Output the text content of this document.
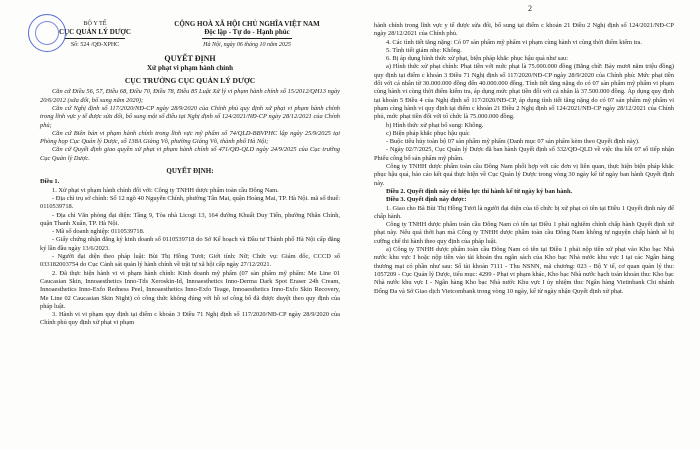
2
BỘ Y TẾ
CỤC QUẢN LÝ DƯỢC
Số: 524 /QĐ-XPHC
CỘNG HOÀ XÃ HỘI CHỦ NGHĨA VIỆT NAM
Độc lập - Tự do - Hạnh phúc
Hà Nội, ngày 06 tháng 10 năm 2025
QUYẾT ĐỊNH
Xử phạt vi phạm hành chính
CỤC TRƯỞNG CỤC QUẢN LÝ DƯỢC

Căn cứ Điều 56, 57, Điều 68, Điều 70, Điều 78, Điều 85 Luật Xử lý vi phạm hành chính số 15/2012/QH13 ngày 20/6/2012 (sửa đổi, bổ sung năm 2020);

Căn cứ Nghị định số 117/2020/NĐ-CP ngày 28/9/2020 của Chính phủ quy định xử phạt vi phạm hành chính trong lĩnh vực y tế được sửa đổi, bổ sung một số điều tại Nghị định số 124/2021/NĐ-CP ngày 28/12/2021 của Chính phủ;

Căn cứ Biên bản vi phạm hành chính trong lĩnh vực mỹ phẩm số 74/QLD-BBVPHC lập ngày 25/9/2025 tại Phòng họp Cục Quản lý Dược, số 138A Giảng Võ, phường Giảng Võ, thành phố Hà Nội;

Căn cứ Quyết định giao quyền xử phạt vi phạm hành chính số 471/QĐ-QLD ngày 24/9/2025 của Cục trưởng Cục Quản lý Dược.

QUYẾT ĐỊNH:

Điều 1.

1. Xử phạt vi phạm hành chính đối với: Công ty TNHH dược phẩm toàn cầu Đông Nam.

- Địa chỉ trụ sở chính: Số 12 ngõ 40 Nguyễn Chính, phường Tân Mai, quận Hoàng Mai, TP. Hà Nội. mã số thuế: 0110539718.

- Địa chỉ Văn phòng đại diện: Tầng 9, Tòa nhà Licogi 13, 164 đường Khuất Duy Tiến, phường Nhân Chính, quận Thanh Xuân, TP. Hà Nội.

- Mã số doanh nghiệp: 0110539718.

- Giấy chứng nhận đăng ký kinh doanh số 0110539718 do Sở Kế hoạch và Đầu tư Thành phố Hà Nội cấp đăng ký lần đầu ngày 13/6/2023.

- Người đại diện theo pháp luật: Bùi Thị Hồng Tươi; Giới tính: Nữ; Chức vụ: Giám đốc, CCCD số 033182003754 do Cục Cảnh sát quản lý hành chính về trật tự xã hội cấp ngày 27/12/2021.

2. Đã thực hiện hành vi vi phạm hành chính: Kinh doanh mỹ phẩm (07 sản phẩm mỹ phẩm: Me Line 01 Caucasian Skin, Innoaesthetics Inno-Tds Xeroskin-Id, Innoaesthetics Inno-Derma Dark Spot Eraser 24h Cream, Innoaesthetics Inno-Exfo Redness Peel, Innoaesthetics Inno-Exfo Teage, Innoaesthetics Inno-Exfo Skin Recovery, Me Line 02 Caucasian Skin Night) có công thức không đúng với hồ sơ công bố đã được duyệt theo quy định của pháp luật.

3. Hành vi vi phạm quy định tại điểm c khoản 3 Điều 71 Nghị định số 117/2020/NĐ-CP ngày 28/9/2020 của Chính phủ quy định xử phạt vi phạm

hành chính trong lĩnh vực y tế được sửa đổi, bổ sung tại điểm c khoản 21 Điều 2 Nghị định số 124/2021/NĐ-CP ngày 28/12/2021 của Chính phủ.

4. Các tình tiết tăng nặng: Có 07 sản phẩm mỹ phẩm vi phạm cùng hành vi cùng thời điểm kiểm tra.

5. Tình tiết giảm nhẹ: Không.

6. Bị áp dụng hình thức xử phạt, biện pháp khắc phục hậu quả như sau:

a) Hình thức xử phạt chính: Phạt tiền với mức phạt là 75.000.000 đồng (Bằng chữ: Bảy mươi năm triệu đồng) quy định tại điểm c khoản 3 Điều 71 Nghị định số 117/2020/NĐ-CP ngày 28/9/2020 của Chính phủ: Mức phạt tiền đối với cá nhân từ 30.000.000 đồng đến 40.000.000 đồng. Tính tiết tăng nặng do có 07 sản phẩm mỹ phẩm vi phạm cùng hành vi cùng thời điểm kiểm tra, áp dụng mức phạt tiền đối với cá nhân là 37.500.000 đồng. Áp dụng quy định tại khoản 5 Điều 4 của Nghị định số 117/2020/NĐ-CP, áp dụng tình tiết tăng nặng do có 07 sản phẩm mỹ phẩm vi phạm cùng hành vi quy định tại điểm c khoản 21 Điều 2 Nghị định số 124/2021/NĐ-CP ngày 28/12/2021 của Chính phủ, mức phạt tiền đối với tổ chức là 75.000.000 đồng.

b) Hình thức xử phạt bổ sung: Không.

c) Biện pháp khắc phục hậu quả:

- Buộc tiêu hủy toàn bộ 07 sản phẩm mỹ phẩm (Danh mục 07 sản phẩm kèm theo Quyết định này).

- Ngày 02/7/2025, Cục Quản lý Dược đã ban hành Quyết định số 332/QĐ-QLD về việc thu hồi 07 số tiếp nhận Phiếu công bố sản phẩm mỹ phẩm.

Công ty TNHH dược phẩm toàn cầu Đông Nam phối hợp với các đơn vị liên quan, thực hiện biện pháp khắc phục hậu quả, báo cáo kết quả thực hiện về Cục Quản lý Dược trong vòng 30 ngày kể từ ngày ban hành Quyết định này.

Điều 2. Quyết định này có hiệu lực thi hành kể từ ngày ký ban hành.

Điều 3. Quyết định này được:

1. Giao cho Bà Bùi Thị Hồng Tươi là người đại diện của tổ chức bị xử phạt có tên tại Điều 1 Quyết định này để chấp hành.

Công ty TNHH dược phẩm toàn cầu Đông Nam có tên tại Điều 1 phải nghiêm chỉnh chấp hành Quyết định xử phạt này. Nếu quá thời hạn mà Công ty TNHH dược phẩm toàn cầu Đông Nam không tự nguyện chấp hành sẽ bị cưỡng chế thi hành theo quy định của pháp luật.

a) Công ty TNHH dược phẩm toàn cầu Đông Nam có tên tại Điều 1 phải nộp tiền xử phạt vào Kho bạc Nhà nước khu vực I hoặc nộp tiền vào tài khoản thu ngân sách của Kho bạc Nhà nước khu vực I tại các Ngân hàng thương mại có phần như sau: Số tài khoản 7111 - Thu NSNN, mã chương: 023 - Bộ Y tế, cơ quan quản lý thu: 1057209 - Cục Quản lý Dược, tiểu mục: 4299 - Phạt vi phạm khác, Kho bạc Nhà nước hạch toán khoản thu: Kho bạc Nhà nước khu vực I - Ngân hàng Kho bạc Nhà nước Khu vực I ủy nhiệm thu: Ngân hàng Vietinbank Chi nhánh Đống Đa và Sở Giao dịch Vietcombank trong vòng 10 ngày, kể từ ngày nhận Quyết định xử phạt.
